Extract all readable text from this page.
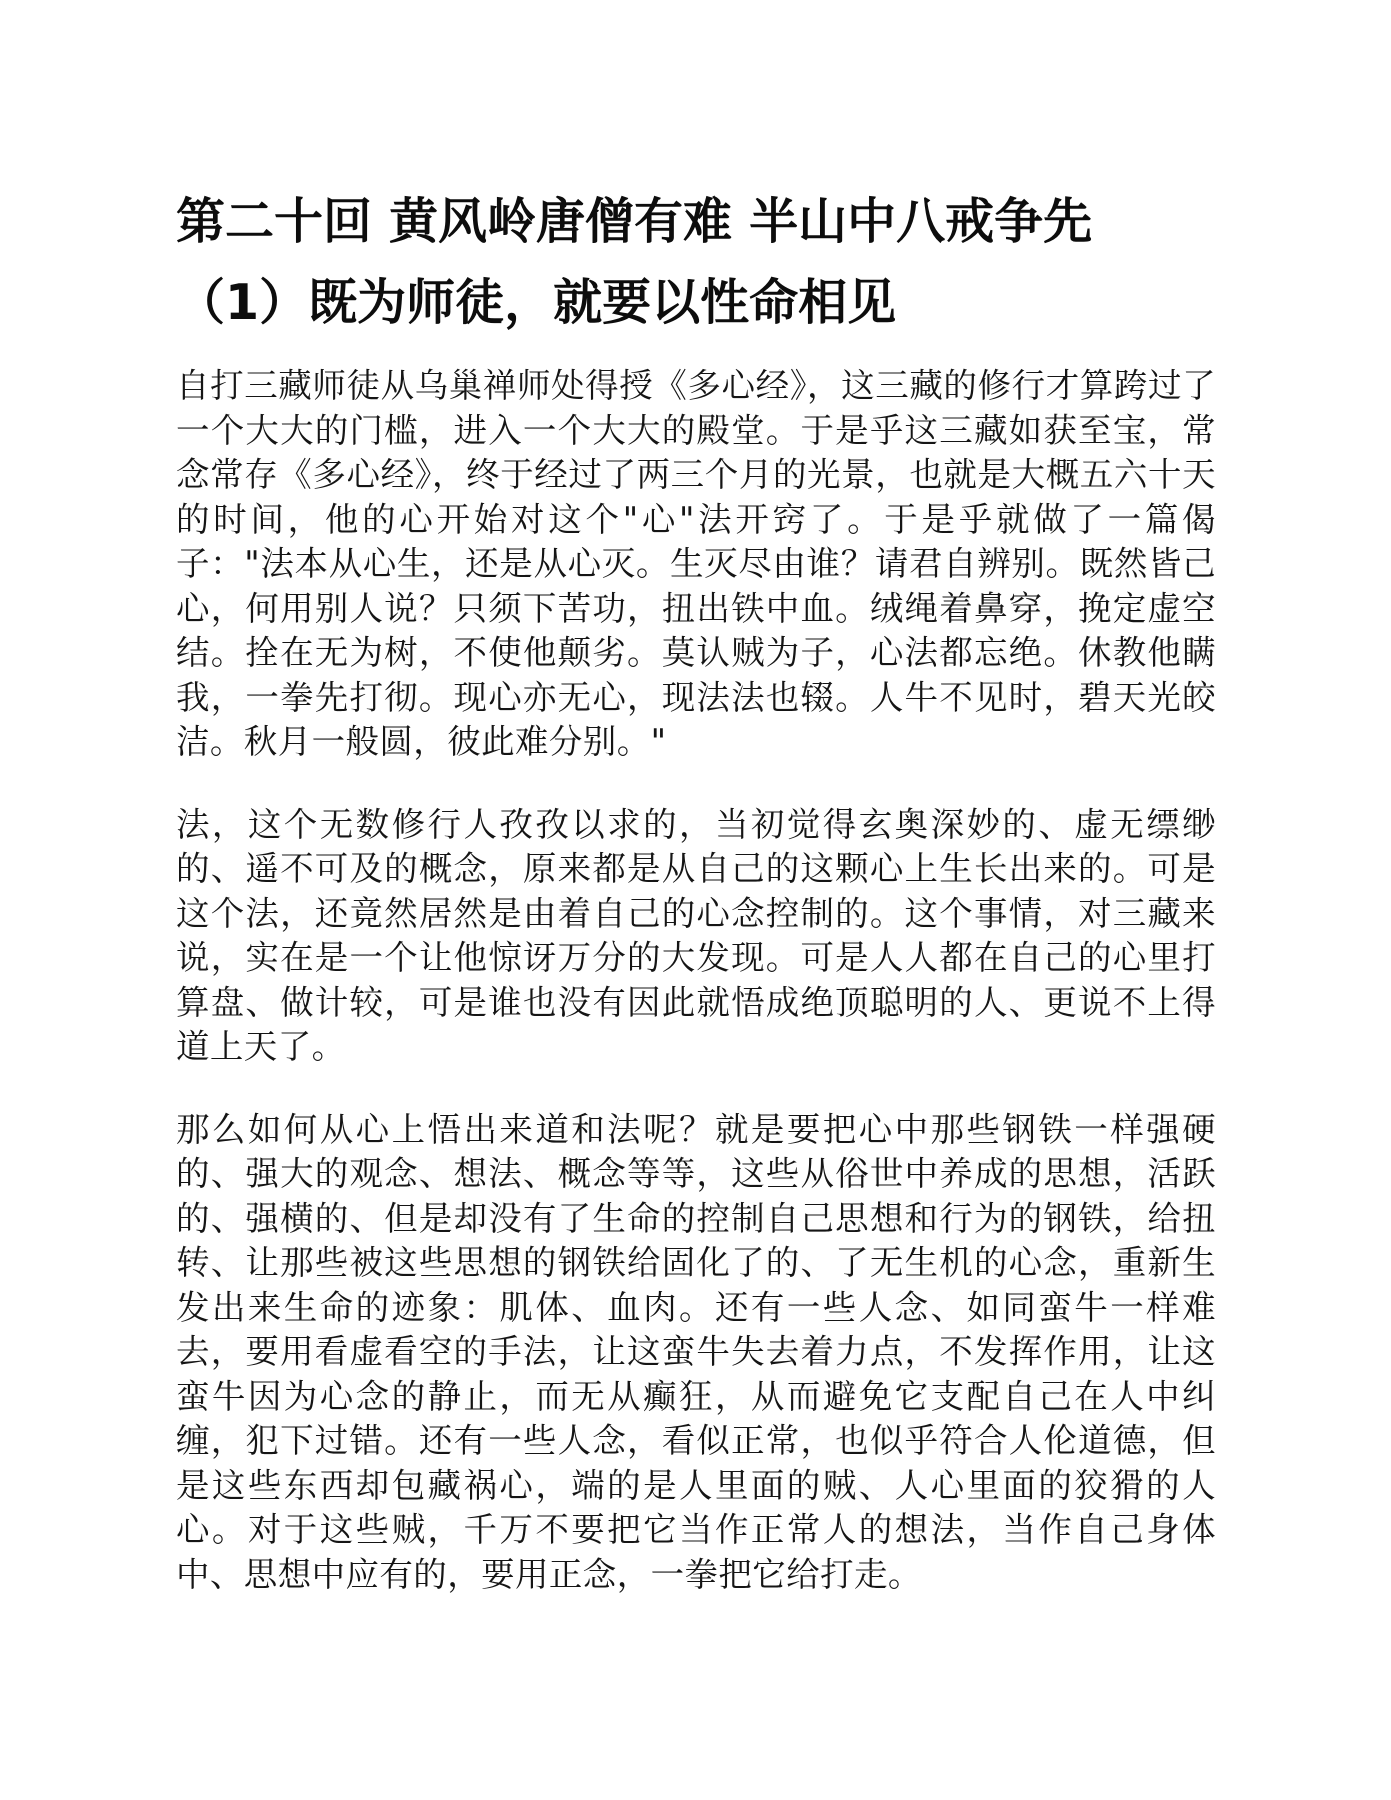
第二十回 黄风岭唐僧有难 半山中八戒争先
（1）既为师徒，就要以性命相见

自打三藏师徒从乌巢禅师处得授《多心经》，这三藏的修行才算跨过了一个大大的门槛，进入一个大大的殿堂。于是乎这三藏如获至宝，常念常存《多心经》，终于经过了两三个月的光景，也就是大概五六十天的时间，他的心开始对这个"心"法开窍了。于是乎就做了一篇偈子："法本从心生，还是从心灭。生灭尽由谁？请君自辨别。既然皆己心，何用别人说？只须下苦功，扭出铁中血。绒绳着鼻穿，挽定虚空结。拴在无为树，不使他颠劣。莫认贼为子，心法都忘绝。休教他瞒我，一拳先打彻。现心亦无心，现法法也辍。人牛不见时，碧天光皎洁。秋月一般圆，彼此难分别。"

法，这个无数修行人孜孜以求的，当初觉得玄奥深妙的、虚无缥缈的、遥不可及的概念，原来都是从自己的这颗心上生长出来的。可是这个法，还竟然居然是由着自己的心念控制的。这个事情，对三藏来说，实在是一个让他惊讶万分的大发现。可是人人都在自己的心里打算盘、做计较，可是谁也没有因此就悟成绝顶聪明的人、更说不上得道上天了。

那么如何从心上悟出来道和法呢？就是要把心中那些钢铁一样强硬的、强大的观念、想法、概念等等，这些从俗世中养成的思想，活跃的、强横的、但是却没有了生命的控制自己思想和行为的钢铁，给扭转、让那些被这些思想的钢铁给固化了的、了无生机的心念，重新生发出来生命的迹象：肌体、血肉。还有一些人念、如同蛮牛一样难去，要用看虚看空的手法，让这蛮牛失去着力点，不发挥作用，让这蛮牛因为心念的静止，而无从癫狂，从而避免它支配自己在人中纠缠，犯下过错。还有一些人念，看似正常，也似乎符合人伦道德，但是这些东西却包藏祸心，端的是人里面的贼、人心里面的狡猾的人心。对于这些贼，千万不要把它当作正常人的想法，当作自己身体中、思想中应有的，要用正念，一拳把它给打走。
